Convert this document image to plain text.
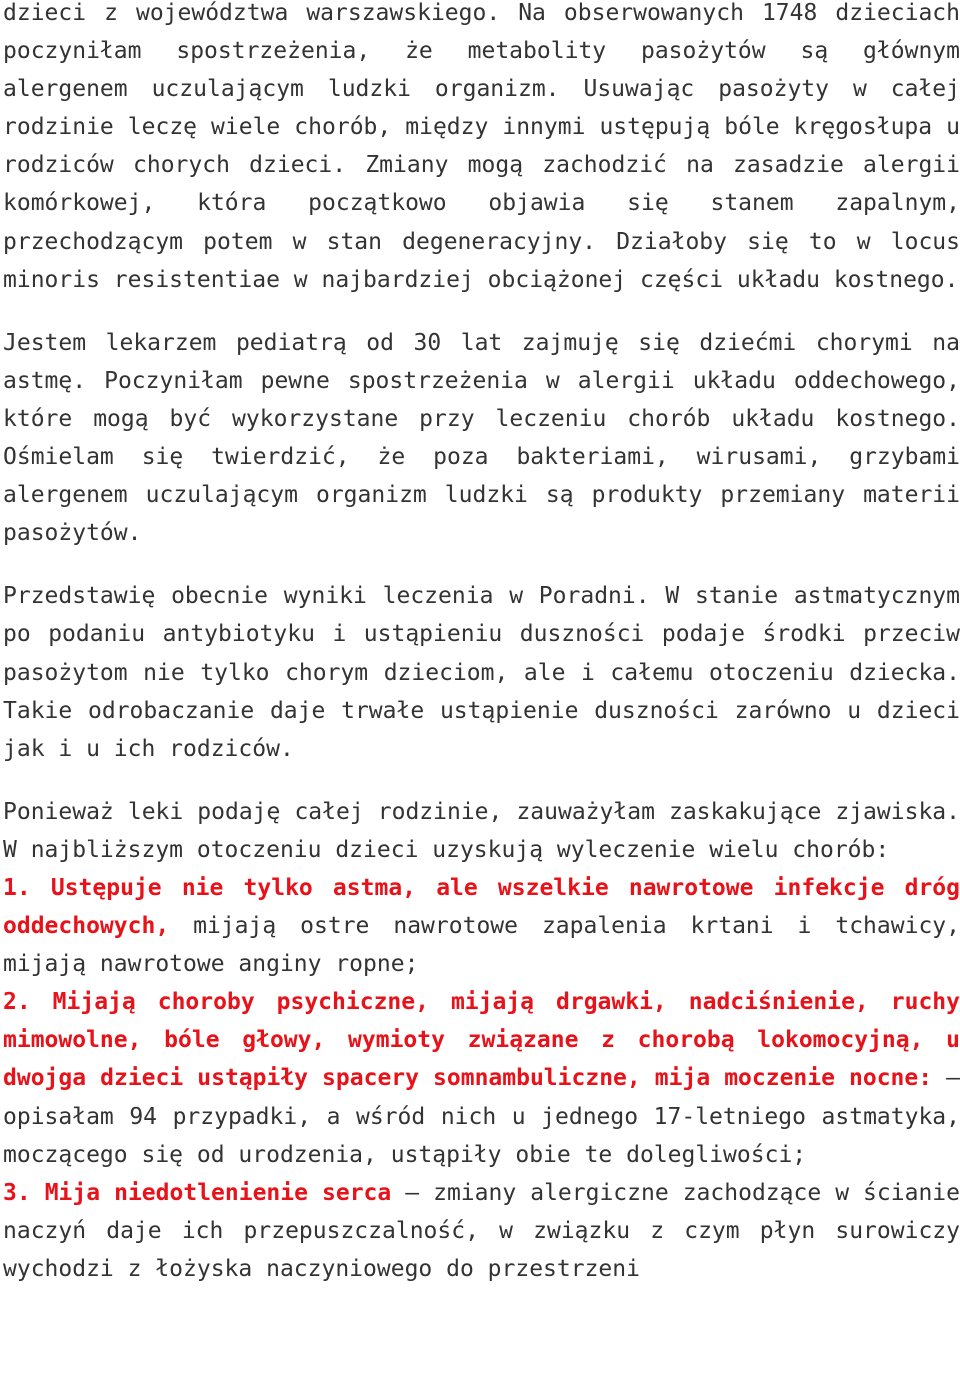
dzieci z województwa warszawskiego. Na obserwowanych 1748 dzieciach poczyniłam spostrzeżenia, że metabolity pasożytów są głównym alergenem uczulającym ludzki organizm. Usuwając pasożyty w całej rodzinie leczę wiele chorób, między innymi ustępują bóle kręgosłupa u rodziców chorych dzieci. Zmiany mogą zachodzić na zasadzie alergii komórkowej, która początkowo objawia się stanem zapalnym, przechodzącym potem w stan degeneracyjny. Działoby się to w locus minoris resistentiae w najbardziej obciążonej części układu kostnego.

Jestem lekarzem pediatrą od 30 lat zajmuję się dziećmi chorymi na astmę. Poczyniłam pewne spostrzeżenia w alergii układu oddechowego, które mogą być wykorzystane przy leczeniu chorób układu kostnego. Ośmielam się twierdzić, że poza bakteriami, wirusami, grzybami alergenem uczulającym organizm ludzki są produkty przemiany materii pasożytów.

Przedstawię obecnie wyniki leczenia w Poradni. W stanie astmatycznym po podaniu antybiotyku i ustąpieniu duszności podaje środki przeciw pasożytom nie tylko chorym dzieciom, ale i całemu otoczeniu dziecka. Takie odrobaczanie daje trwałe ustąpienie duszności zarówno u dzieci jak i u ich rodziców.

Ponieważ leki podaję całej rodzinie, zauważyłam zaskakujące zjawiska. W najbliższym otoczeniu dzieci uzyskują wyleczenie wielu chorób:

1. Ustępuje nie tylko astma, ale wszelkie nawrotowe infekcje dróg oddechowych, mijają ostre nawrotowe zapalenia krtani i tchawicy, mijają nawrotowe anginy ropne;
2. Mijają choroby psychiczne, mijają drgawki, nadciśnienie, ruchy mimowolne, bóle głowy, wymioty związane z chorobą lokomocyjną, u dwojga dzieci ustąpiły spacery somnambuliczne, mija moczenie nocne: – opisałam 94 przypadki, a wśród nich u jednego 17-letniego astmatyka, moczącego się od urodzenia, ustąpiły obie te dolegliwości;
3. Mija niedotlenienie serca – zmiany alergiczne zachodzące w ścianie naczyń daje ich przepuszczalność, w związku z czym płyn surowiczy wychodzi z łożyska naczyniowego do przestrzeni
